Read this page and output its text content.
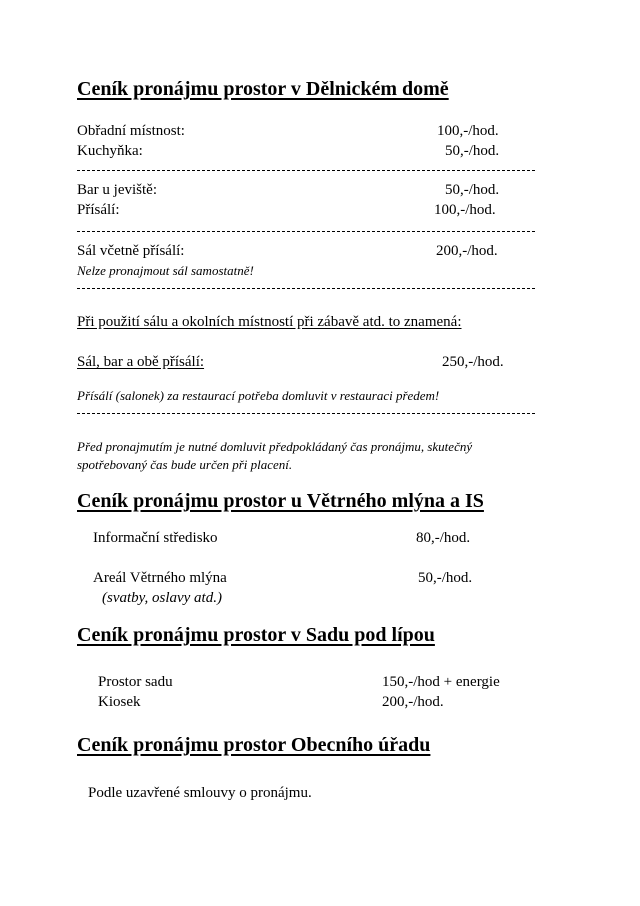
Ceník pronájmu prostor v Dělnickém domě
Obřadní místnost:	100,-/hod.
Kuchyňka:	50,-/hod.
Bar u jeviště:	50,-/hod.
Přísálí:	100,-/hod.
Sál včetně přísálí:	200,-/hod.
Nelze pronajmout sál samostatně!
Při použití sálu a okolních místností při zábavě atd. to znamená:
Sál, bar a obě přísálí:	250,-/hod.
Přísálí (salonek) za restaurací potřeba domluvit v restauraci předem!
Před pronajmutím je nutné domluvit předpokládaný čas pronájmu, skutečný
spotřebovaný čas bude určen při placení.
Ceník pronájmu prostor u Větrného mlýna a IS
Informační středisko	80,-/hod.
Areál Větrného mlýna	50,-/hod.
(svatby, oslavy atd.)
Ceník pronájmu prostor v Sadu pod lípou
Prostor sadu	150,-/hod + energie
Kiosek	200,-/hod.
Ceník pronájmu prostor Obecního úřadu
Podle uzavřené smlouvy o pronájmu.
